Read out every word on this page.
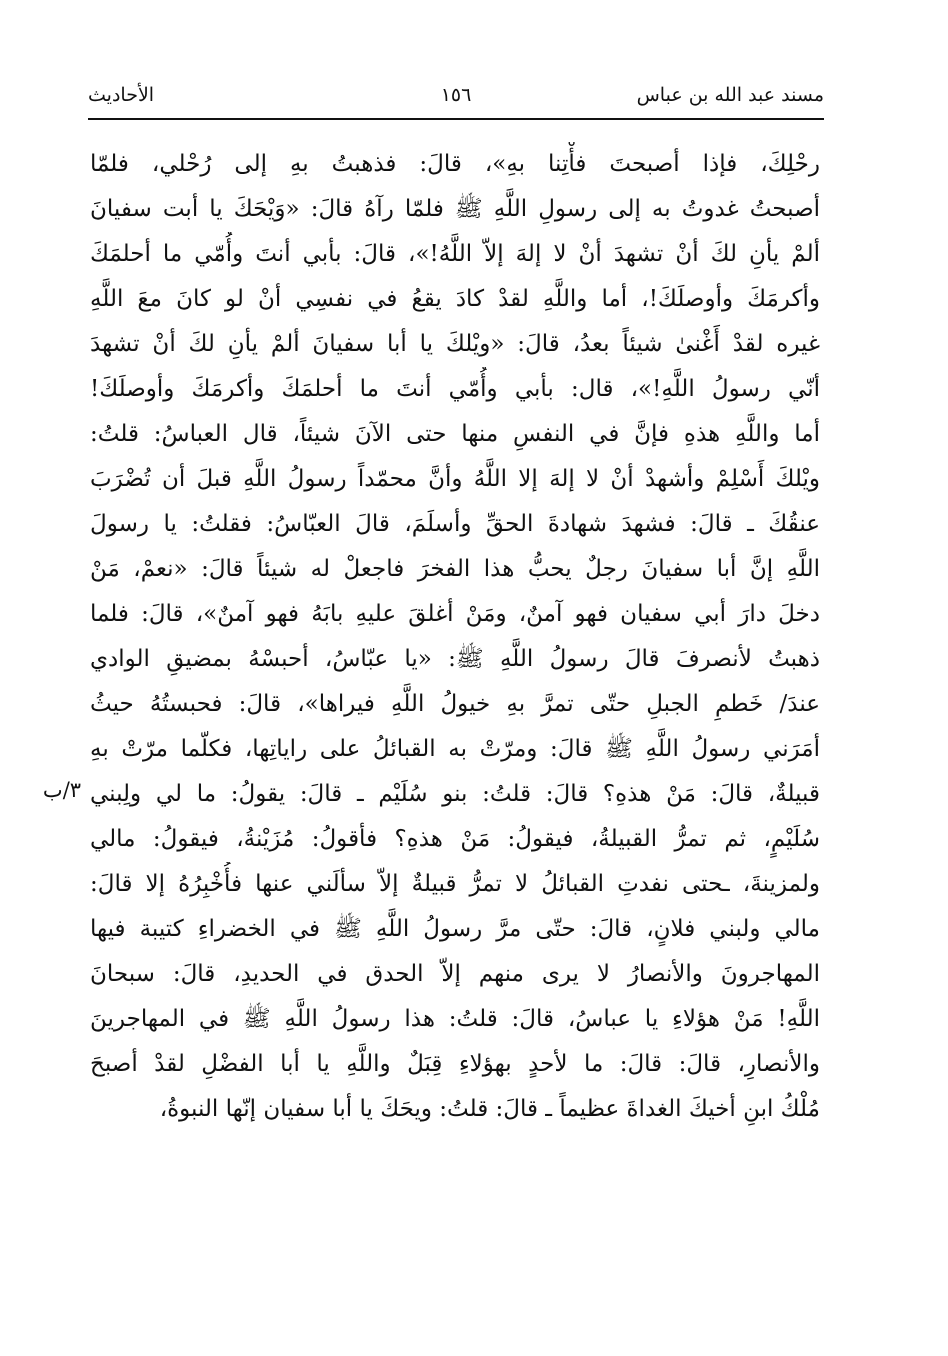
مسند عبد الله بن عباس
١٥٦
الأحاديث
٣/ب
رحْلِكَ، فإذا أصبحتَ فأْتِنا بهِ»، قالَ: فذهبتُ بهِ إلى رُحْلي، فلمّا
أصبحتُ غدوتُ به إلى رسولِ اللَّهِ ﷺ فلمّا رآهُ قالَ: «وَيْحَكَ يا أبت سفيانَ
ألمْ يأنِ لكَ أنْ تشهدَ أنْ لا إلهَ إلاّ اللَّهُ!»، قالَ: بأبي أنتَ وأُمّي ما أحلمَكَ
وأكرمَكَ وأوصلَكَ!، أما واللَّهِ لقدْ كادَ يقعُ في نفسِي أنْ لو كانَ معَ اللَّهِ
غيره لقدْ أَغْنىٰ شيئاً بعدُ، قالَ: «ويْلكَ يا أبا سفيانَ ألمْ يأنِ لكَ أنْ تشهدَ
أنّي رسولُ اللَّهِ!»، قال: بأبي وأُمّي أنتَ ما أحلمَكَ وأكرمَكَ وأوصلَكَ!
أما واللَّهِ هذهِ فإنَّ في النفسِ منها حتى الآنَ شيئاً، قال العباسُ: قلتُ:
ويْلكَ أَسْلِمْ وأشهدْ أنْ لا إلهَ إلا اللَّهُ وأنَّ محمّداً رسولُ اللَّهِ قبلَ أن تُضْرَبَ
عنقُكَ ـ قالَ: فشهدَ شهادةَ الحقِّ وأسلَمَ، قالَ العبّاسُ: فقلتُ: يا رسولَ
اللَّهِ إنَّ أبا سفيانَ رجلٌ يحبُّ هذا الفخرَ فاجعلْ له شيئاً قالَ: «نعمْ، مَنْ
دخلَ دارَ أبي سفيان فهو آمنٌ، ومَنْ أغلقَ عليهِ بابَهُ فهو آمنٌ»، قالَ: فلما
ذهبتُ لأنصرفَ قالَ رسولُ اللَّهِ ﷺ: «يا عبّاسُ، أحبسْهُ بمضيقِ الوادي
عندَ/ خَطمِ الجبلِ حتّى تمرَّ بهِ خيولُ اللَّهِ فيراها»، قالَ: فحبستُهُ حيثُ
أمَرَني رسولُ اللَّهِ ﷺ قالَ: ومرّتْ به القبائلُ على راياتِها، فكلّما مرّتْ بهِ
قبيلةٌ، قالَ: مَنْ هذهِ؟ قالَ: قلتُ: بنو سُلَيْم ـ قالَ: يقولُ: ما لي ولِبني
سُلَيْمٍ، ثم تمرُّ القبيلةُ، فيقولُ: مَنْ هذهِ؟ فأقولُ: مُزَيْنةُ، فيقولُ: مالي
ولمزينةَ، ـحتى نفدتِ القبائلُ لا تمرُّ قبيلةٌ إلاّ سألَني عنها فأُخْبِرُهُ إلا قالَ:
مالي ولبني فلانٍ، قالَ: حتّى مرَّ رسولُ اللَّهِ ﷺ في الخضراءِ كتيبة فيها
المهاجرونَ والأنصارُ لا يرى منهم إلاّ الحدق في الحديدِ، قالَ: سبحانَ
اللَّهِ! مَنْ هؤلاءِ يا عباسُ، قالَ: قلتُ: هذا رسولُ اللَّهِ ﷺ في المهاجرينَ
والأنصارِ، قالَ: قالَ: ما لأحدٍ بهؤلاءِ قِبَلٌ واللَّهِ يا أبا الفضْلِ لقدْ أصبحَ
مُلْكُ ابنِ أخيكَ الغداةَ عظيماً ـ قالَ: قلتُ: ويحَكَ يا أبا سفيان إنّها النبوةُ،
